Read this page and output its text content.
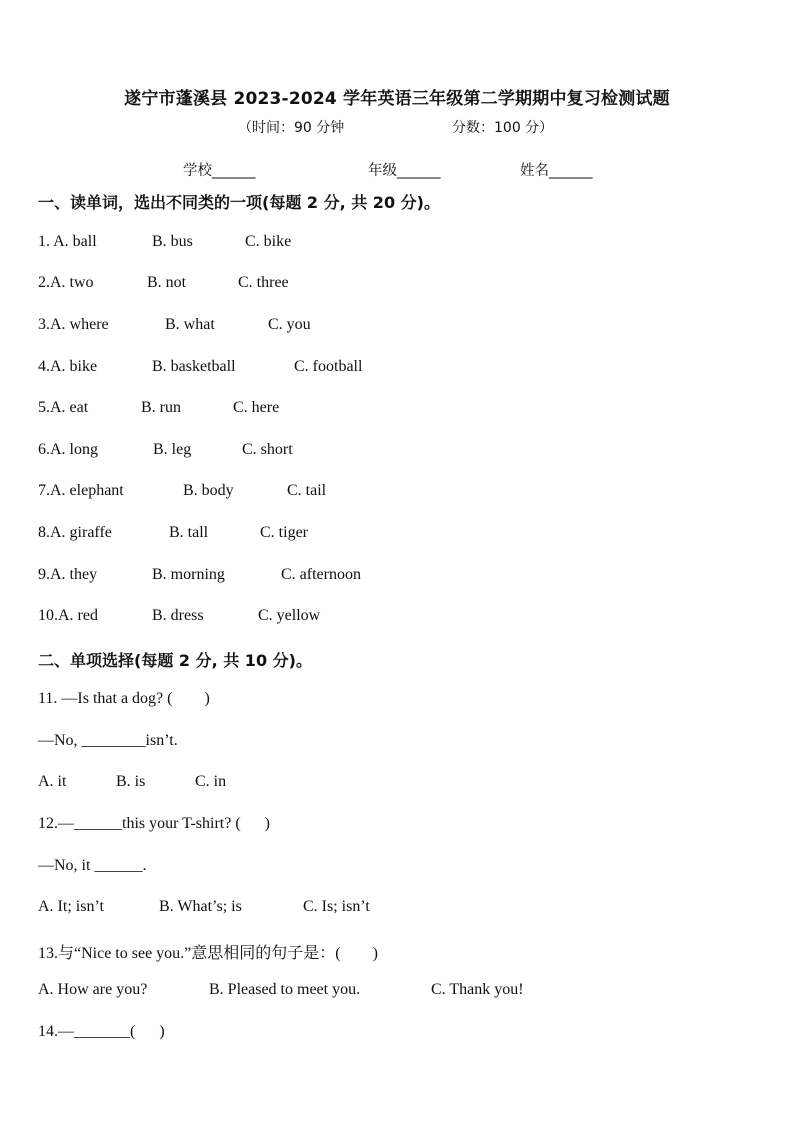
遂宁市蓬溪县 2023-2024 学年英语三年级第二学期期中复习检测试题
（时间：90 分钟	分数：100 分）
学校______	年级______	姓名______
一、读单词，选出不同类的一项(每题 2 分, 共 20 分)。
1. A. ball	B. bus	C. bike
2.A. two	B. not	C. three
3.A. where	B. what	C. you
4.A. bike	B. basketball	C. football
5.A. eat	B. run	C. here
6.A. long	B. leg	C. short
7.A. elephant	B. body	C. tail
8.A. giraffe	B. tall	C. tiger
9.A. they	B. morning	C. afternoon
10.A. red	B. dress	C. yellow
二、单项选择(每题 2 分, 共 10 分)。
11. —Is that a dog? (        )
—No, ________isn’t.
A. it	B. is	C. in
12.—______this your T-shirt? (      )
—No, it ______.
A. It; isn’t	B. What’s; is	C. Is; isn’t
13.与“Nice to see you.”意思相同的句子是：(        )
A. How are you?	B. Pleased to meet you.	C. Thank you!
14.—_______(      )
